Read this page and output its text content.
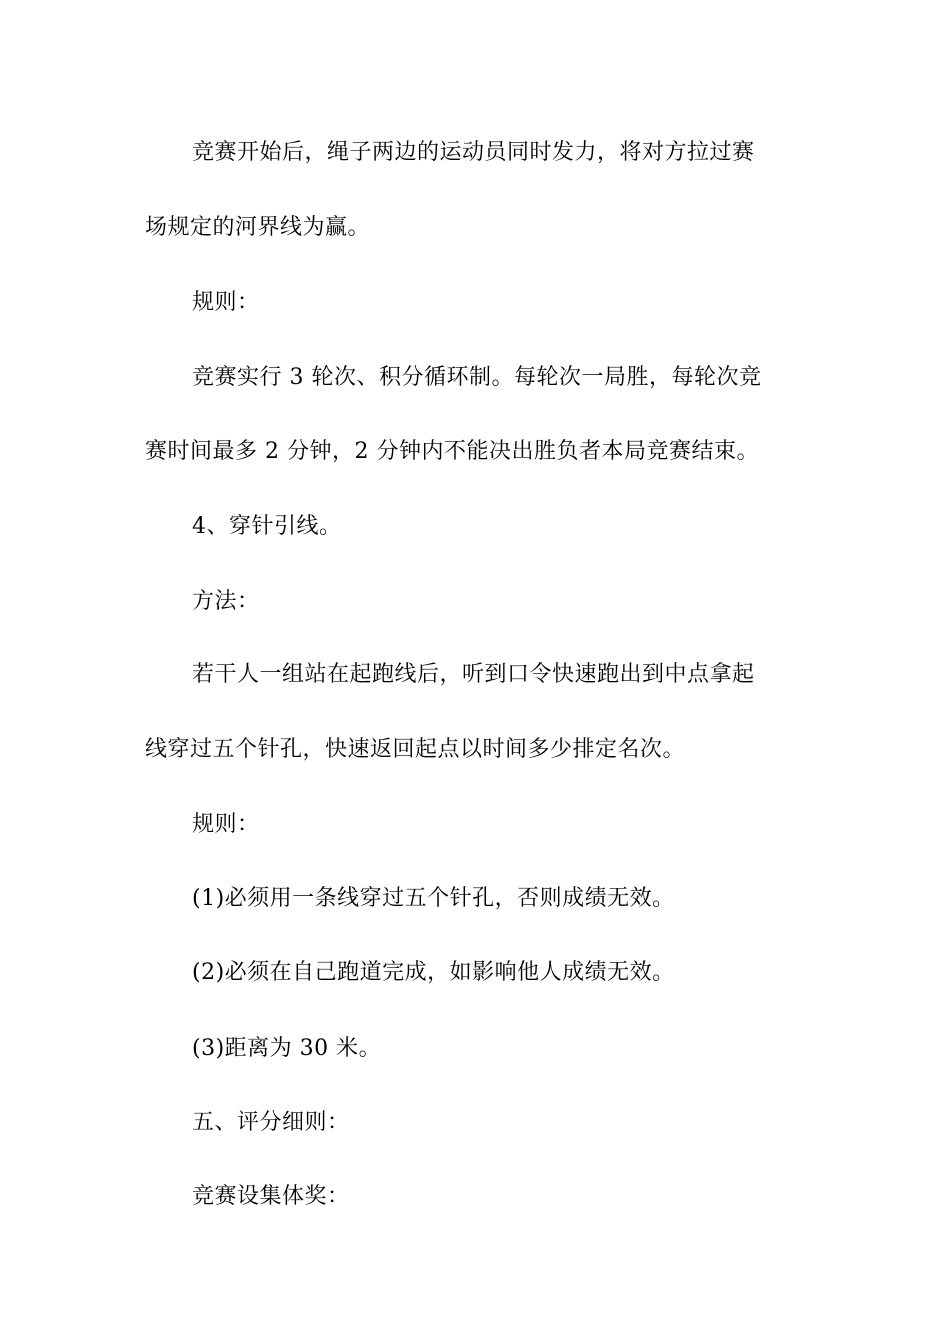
竞赛开始后，绳子两边的运动员同时发力，将对方拉过赛
场规定的河界线为赢。
规则：
竞赛实行 3 轮次、积分循环制。每轮次一局胜，每轮次竞
赛时间最多 2 分钟，2 分钟内不能决出胜负者本局竞赛结束。
4、穿针引线。
方法：
若干人一组站在起跑线后，听到口令快速跑出到中点拿起
线穿过五个针孔，快速返回起点以时间多少排定名次。
规则：
(1)必须用一条线穿过五个针孔，否则成绩无效。
(2)必须在自己跑道完成，如影响他人成绩无效。
(3)距离为 30 米。
五、评分细则：
竞赛设集体奖：
